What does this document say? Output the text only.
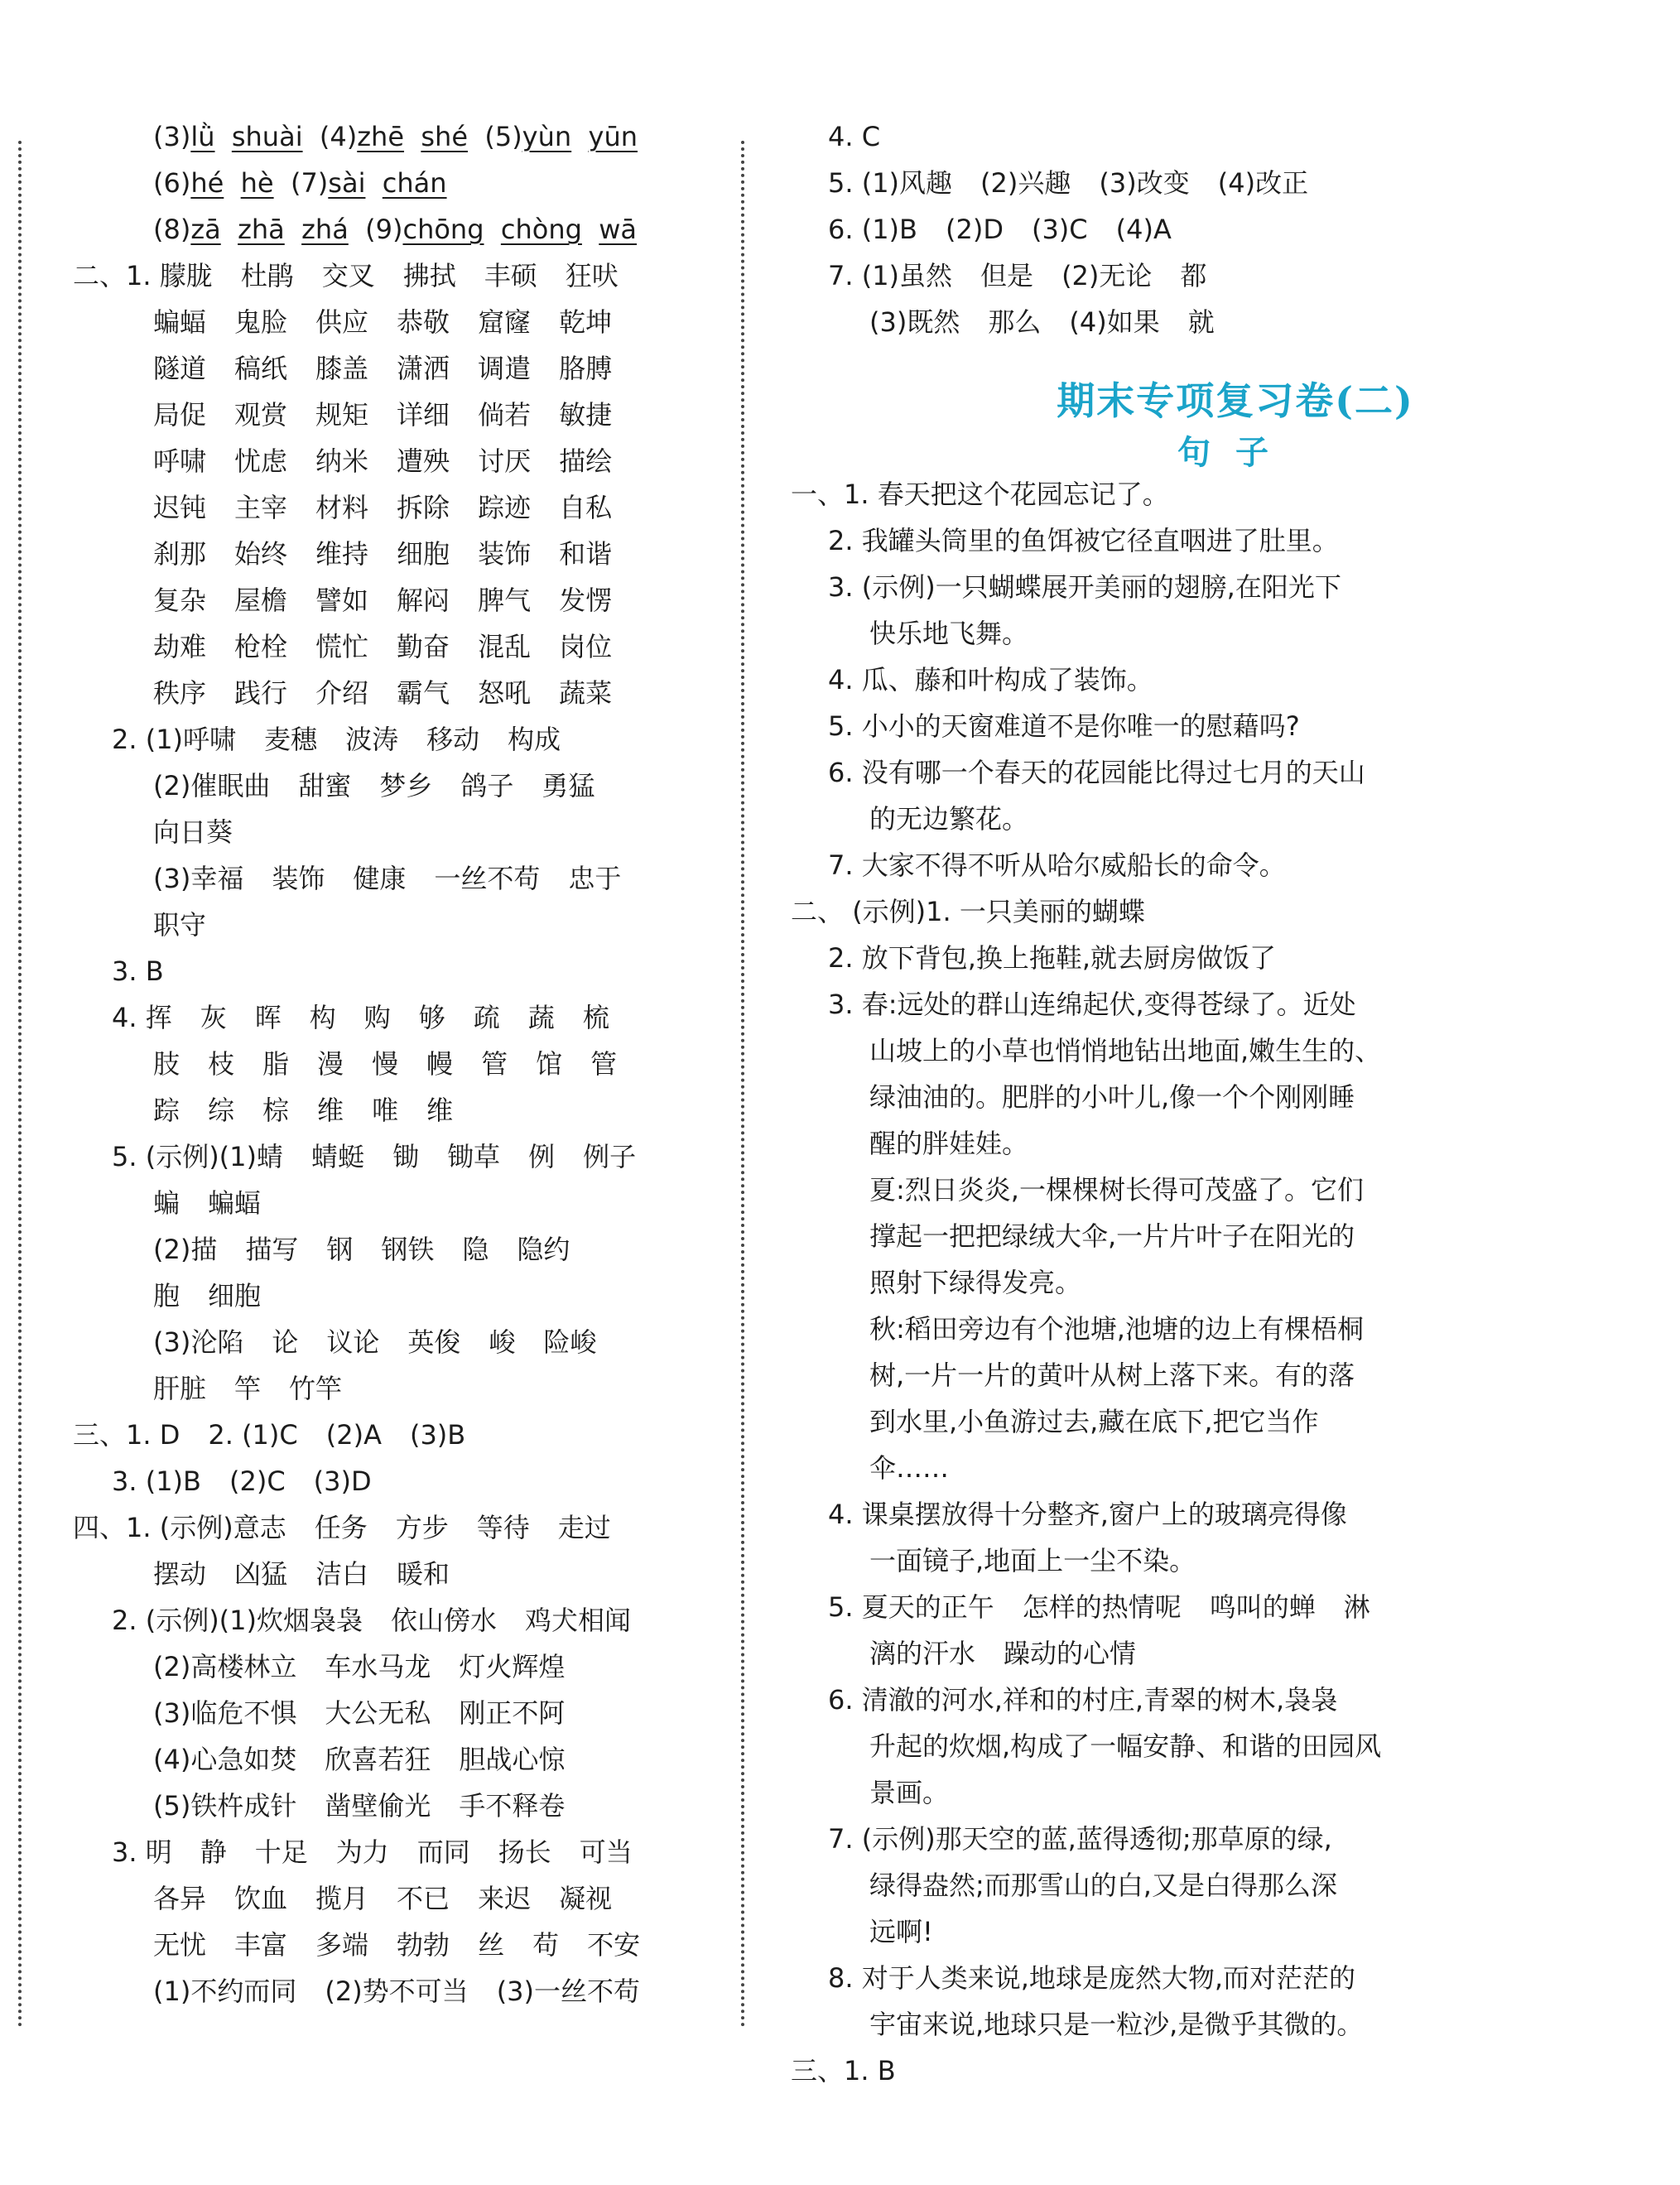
(3)lǜ shuài  (4)zhē shé  (5)yùn yūn
(6)hé hè  (7)sài chán
(8)zā zhā zhá  (9)chōng chòng wā
二、1. 朦胧 杜鹃 交叉 拂拭 丰硕 狂吠
蝙蝠 鬼脸 供应 恭敬 窟窿 乾坤
隧道 稿纸 膝盖 潇洒 调遣 胳膊
局促 观赏 规矩 详细 倘若 敏捷
呼啸 忧虑 纳米 遭殃 讨厌 描绘
迟钝 主宰 材料 拆除 踪迹 自私
刹那 始终 维持 细胞 装饰 和谐
复杂 屋檐 譬如 解闷 脾气 发愣
劫难 枪栓 慌忙 勤奋 混乱 岗位
秩序 践行 介绍 霸气 怒吼 蔬菜
2. (1)呼啸 麦穗 波涛 移动 构成
(2)催眠曲 甜蜜 梦乡 鸽子 勇猛
向日葵
(3)幸福 装饰 健康 一丝不苟 忠于
职守
3. B
4. 挥 灰 晖 构 购 够 疏 蔬 梳
肢 枝 脂 漫 慢 幔 管 馆 管
踪 综 棕 维 唯 维
5. (示例)(1)蜻 蜻蜓 锄 锄草 例 例子
蝙 蝙蝠
(2)描 描写 钢 钢铁 隐 隐约
胞 细胞
(3)沦陷 论 议论 英俊 峻 险峻
肝脏 竿 竹竿
三、1. D 2. (1)C (2)A (3)B
3. (1)B (2)C (3)D
四、1. (示例)意志 任务 方步 等待 走过
摆动 凶猛 洁白 暖和
2. (示例)(1)炊烟袅袅 依山傍水 鸡犬相闻
(2)高楼林立 车水马龙 灯火辉煌
(3)临危不惧 大公无私 刚正不阿
(4)心急如焚 欣喜若狂 胆战心惊
(5)铁杵成针 凿壁偷光 手不释卷
3. 明 静 十足 为力 而同 扬长 可当
各异 饮血 揽月 不已 来迟 凝视
无忧 丰富 多端 勃勃 丝 苟 不安
(1)不约而同 (2)势不可当 (3)一丝不苟
期末专项复习卷(二)
句子
4. C
5. (1)风趣 (2)兴趣 (3)改变 (4)改正
6. (1)B (2)D (3)C (4)A
7. (1)虽然 但是 (2)无论 都
(3)既然 那么 (4)如果 就
一、1. 春天把这个花园忘记了。
2. 我罐头筒里的鱼饵被它径直咽进了肚里。
3. (示例)一只蝴蝶展开美丽的翅膀,在阳光下
快乐地飞舞。
4. 瓜、藤和叶构成了装饰。
5. 小小的天窗难道不是你唯一的慰藉吗?
6. 没有哪一个春天的花园能比得过七月的天山
的无边繁花。
7. 大家不得不听从哈尔威船长的命令。
二、 (示例)1. 一只美丽的蝴蝶
2. 放下背包,换上拖鞋,就去厨房做饭了
3. 春:远处的群山连绵起伏,变得苍绿了。近处
山坡上的小草也悄悄地钻出地面,嫩生生的、
绿油油的。肥胖的小叶儿,像一个个刚刚睡
醒的胖娃娃。
夏:烈日炎炎,一棵棵树长得可茂盛了。它们
撑起一把把绿绒大伞,一片片叶子在阳光的
照射下绿得发亮。
秋:稻田旁边有个池塘,池塘的边上有棵梧桐
树,一片一片的黄叶从树上落下来。有的落
到水里,小鱼游过去,藏在底下,把它当作
伞……
4. 课桌摆放得十分整齐,窗户上的玻璃亮得像
一面镜子,地面上一尘不染。
5. 夏天的正午 怎样的热情呢 鸣叫的蝉 淋
漓的汗水 躁动的心情
6. 清澈的河水,祥和的村庄,青翠的树木,袅袅
升起的炊烟,构成了一幅安静、和谐的田园风
景画。
7. (示例)那天空的蓝,蓝得透彻;那草原的绿,
绿得盎然;而那雪山的白,又是白得那么深
远啊!
8. 对于人类来说,地球是庞然大物,而对茫茫的
宇宙来说,地球只是一粒沙,是微乎其微的。
三、1. B
